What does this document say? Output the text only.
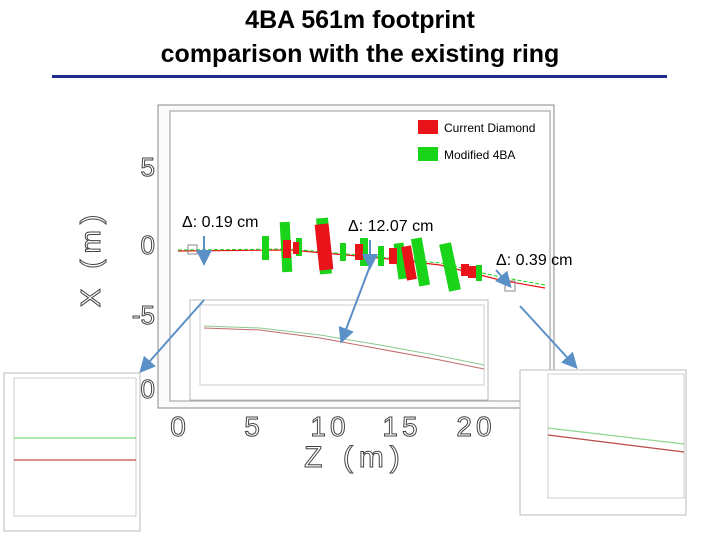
4BA 561m footprint
comparison with the existing ring
0 5 10 15 20
5
0
-5
0
Z (m)
X (m)
Current Diamond
Modified 4BA
Δ: 0.19 cm	Δ: 12.07 cm
Δ: 0.39 cm
